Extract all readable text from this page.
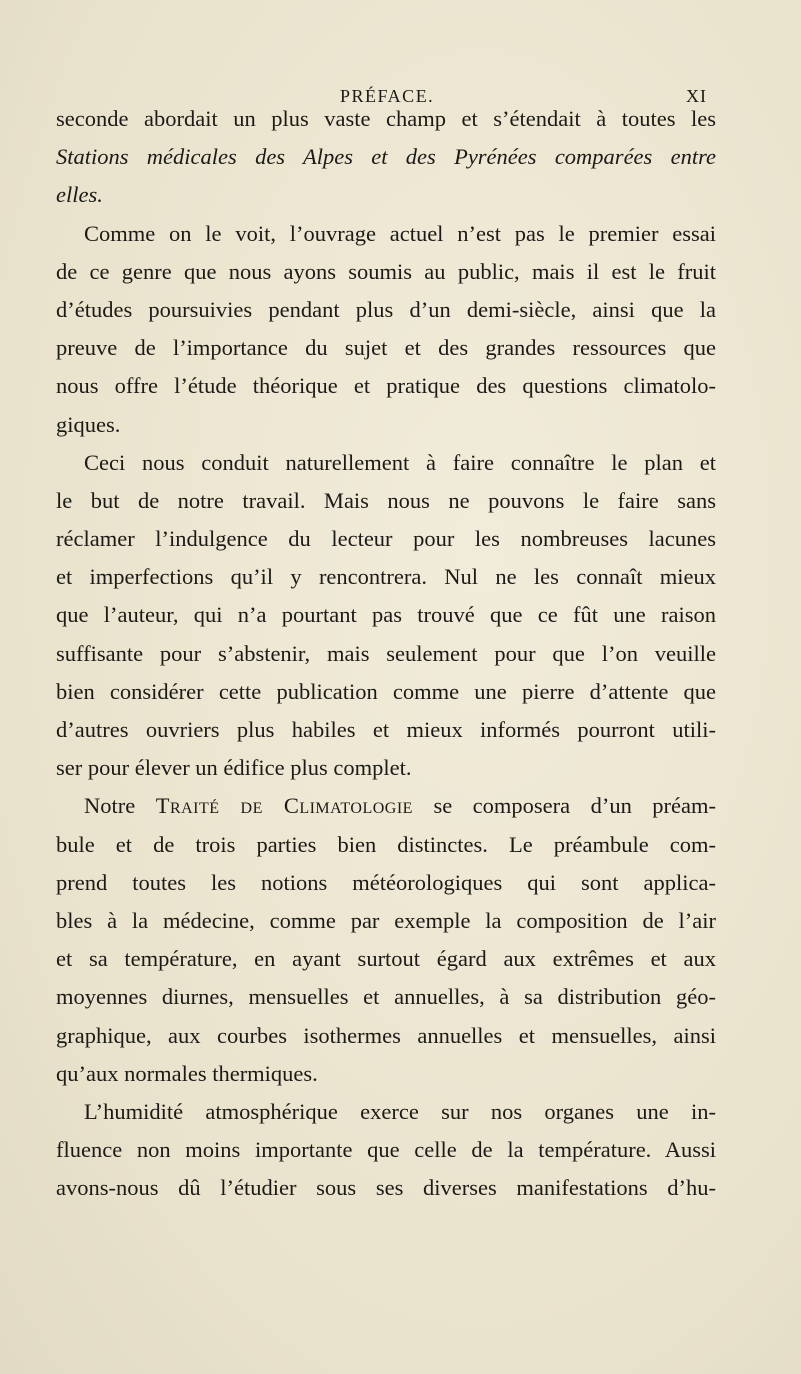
PRÉFACE.	XI
seconde abordait un plus vaste champ et s’étendait à toutes les
Stations médicales des Alpes et des Pyrénées comparées entre
elles.
Comme on le voit, l’ouvrage actuel n’est pas le premier essai
de ce genre que nous ayons soumis au public, mais il est le fruit
d’études poursuivies pendant plus d’un demi-siècle, ainsi que la
preuve de l’importance du sujet et des grandes ressources que
nous offre l’étude théorique et pratique des questions climatolo-
giques.
Ceci nous conduit naturellement à faire connaître le plan et
le but de notre travail. Mais nous ne pouvons le faire sans
réclamer l’indulgence du lecteur pour les nombreuses lacunes
et imperfections qu’il y rencontrera. Nul ne les connaît mieux
que l’auteur, qui n’a pourtant pas trouvé que ce fût une raison
suffisante pour s’abstenir, mais seulement pour que l’on veuille
bien considérer cette publication comme une pierre d’attente que
d’autres ouvriers plus habiles et mieux informés pourront utili-
ser pour élever un édifice plus complet.
Notre Traité de Climatologie se composera d’un préam-
bule et de trois parties bien distinctes. Le préambule com-
prend toutes les notions météorologiques qui sont applica-
bles à la médecine, comme par exemple la composition de l’air
et sa température, en ayant surtout égard aux extrêmes et aux
moyennes diurnes, mensuelles et annuelles, à sa distribution géo-
graphique, aux courbes isothermes annuelles et mensuelles, ainsi
qu’aux normales thermiques.
L’humidité atmosphérique exerce sur nos organes une in-
fluence non moins importante que celle de la température. Aussi
avons-nous dû l’étudier sous ses diverses manifestations d’hu-
